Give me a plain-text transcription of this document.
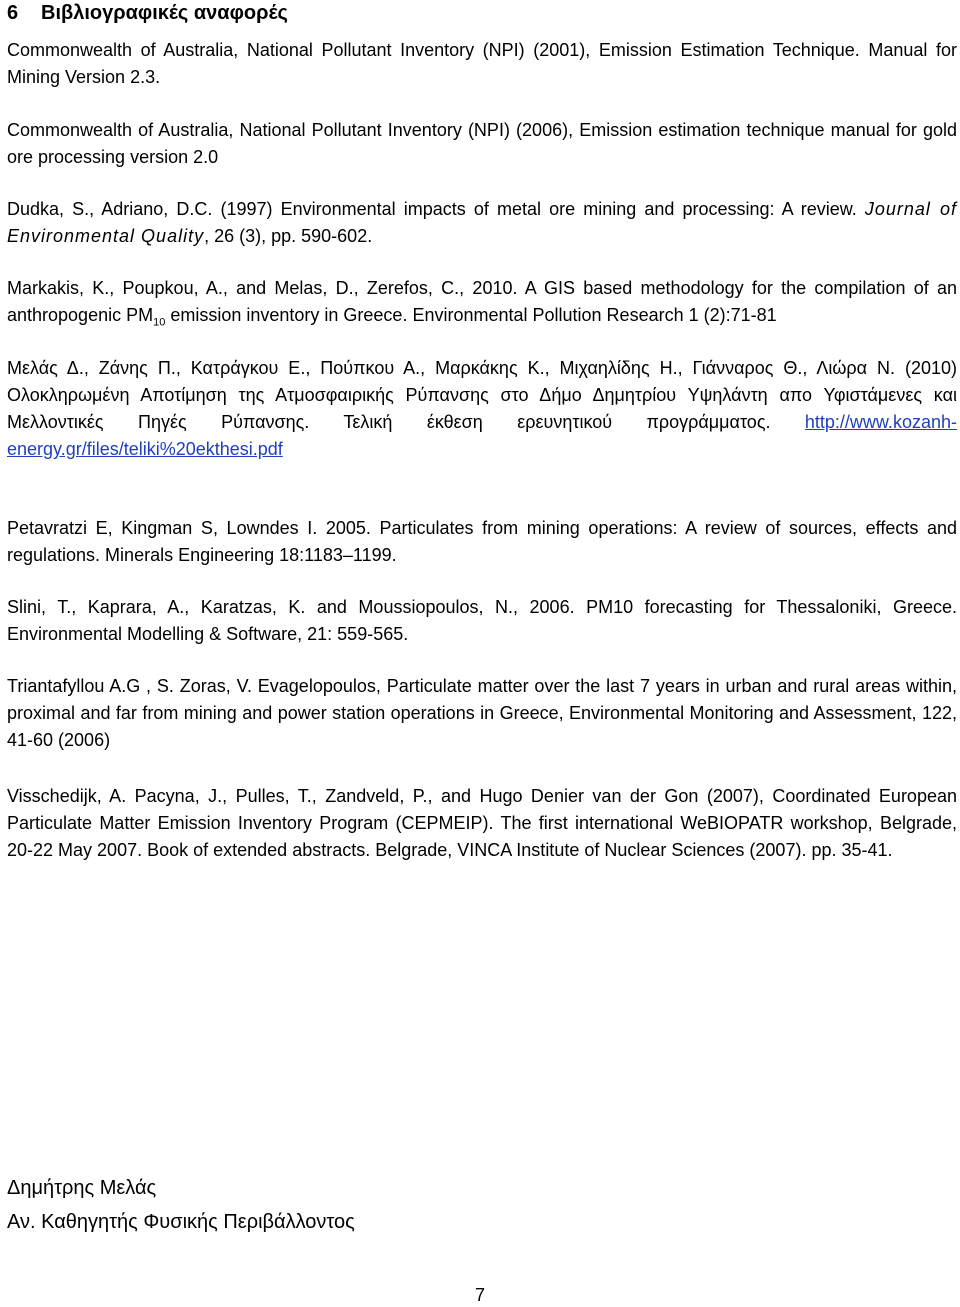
6 Βιβλιογραφικές αναφορές
Commonwealth of Australia, National Pollutant Inventory (NPI) (2001), Emission Estimation Technique. Manual for Mining Version 2.3.
Commonwealth of Australia, National Pollutant Inventory (NPI) (2006), Emission estimation technique manual for gold ore processing version 2.0
Dudka, S., Adriano, D.C. (1997) Environmental impacts of metal ore mining and processing: A review. Journal of Environmental Quality, 26 (3), pp. 590-602.
Markakis, K., Poupkou, A., and Melas, D., Zerefos, C., 2010. A GIS based methodology for the compilation of an anthropogenic $PM_{10}$ emission inventory in Greece. Environmental Pollution Research 1 (2):71-81
Μελάς Δ., Ζάνης Π., Κατράγκου Ε., Πούπκου Α., Μαρκάκης Κ., Μιχαηλίδης Η., Γιάνναρος Θ., Λιώρα Ν. (2010) Ολοκληρωμένη Αποτίμηση της Ατμοσφαιρικής Ρύπανσης στο Δήμο Δημητρίου Υψηλάντη απο Υφιστάμενες και Μελλοντικές Πηγές Ρύπανσης. Τελική έκθεση ερευνητικού προγράμματος. http://www.kozanh-energy.gr/files/teliki%20ekthesi.pdf
Petavratzi E, Kingman S, Lowndes I. 2005. Particulates from mining operations: A review of sources, effects and regulations. Minerals Engineering 18:1183–1199.
Slini, T., Kaprara, A., Karatzas, K. and Moussiopoulos, N., 2006. PM10 forecasting for Thessaloniki, Greece. Environmental Modelling & Software, 21: 559-565.
Triantafyllou A.G , S. Zoras, V. Evagelopoulos, Particulate matter over the last 7 years in urban and rural areas within, proximal and far from mining and power station operations in Greece, Environmental Monitoring and Assessment, 122, 41-60 (2006)
Visschedijk, A. Pacyna, J., Pulles, T., Zandveld, P., and Hugo Denier van der Gon (2007), Coordinated European Particulate Matter Emission Inventory Program (CEPMEIP). The first international WeBIOPATR workshop, Belgrade, 20-22 May 2007. Book of extended abstracts. Belgrade, VINCA Institute of Nuclear Sciences (2007). pp. 35-41.
Δημήτρης Μελάς
Αν. Καθηγητής Φυσικής Περιβάλλοντος
7
